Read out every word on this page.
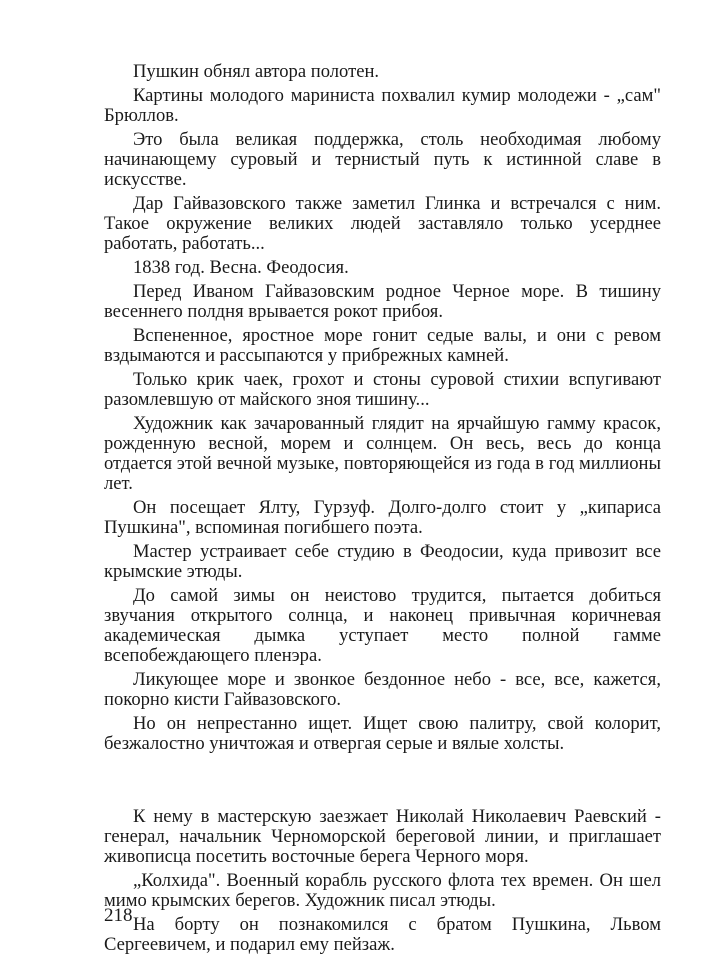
Пушкин обнял автора полотен.

Картины молодого мариниста похвалил кумир молодежи - „сам" Брюллов.

Это была великая поддержка, столь необходимая любому начинающему суровый и тернистый путь к истинной славе в искусстве.

Дар Гайвазовского также заметил Глинка и встречался с ним. Такое окружение великих людей заставляло только усерднее работать, работать...

1838 год. Весна. Феодосия.

Перед Иваном Гайвазовским родное Черное море. В тишину весеннего полдня врывается рокот прибоя.

Вспененное, яростное море гонит седые валы, и они с ревом вздымаются и рассыпаются у прибрежных камней.

Только крик чаек, грохот и стоны суровой стихии вспугивают разомлевшую от майского зноя тишину...

Художник как зачарованный глядит на ярчайшую гамму красок, рожденную весной, морем и солнцем. Он весь, весь до конца отдается этой вечной музыке, повторяющейся из года в год миллионы лет.

Он посещает Ялту, Гурзуф. Долго-долго стоит у „кипариса Пушкина", вспоминая погибшего поэта.

Мастер устраивает себе студию в Феодосии, куда привозит все крымские этюды.

До самой зимы он неистово трудится, пытается добиться звучания открытого солнца, и наконец привычная коричневая академическая дымка уступает место полной гамме всепобеждающего пленэра.

Ликующее море и звонкое бездонное небо - все, все, кажется, покорно кисти Гайвазовского.

Но он непрестанно ищет. Ищет свою палитру, свой колорит, безжалостно уничтожая и отвергая серые и вялые холсты.

К нему в мастерскую заезжает Николай Николаевич Раевский - генерал, начальник Черноморской береговой линии, и приглашает живописца посетить восточные берега Черного моря.

„Колхида". Военный корабль русского флота тех времен. Он шел мимо крымских берегов. Художник писал этюды.

На борту он познакомился с братом Пушкина, Львом Сергеевичем, и подарил ему пейзаж.

218
